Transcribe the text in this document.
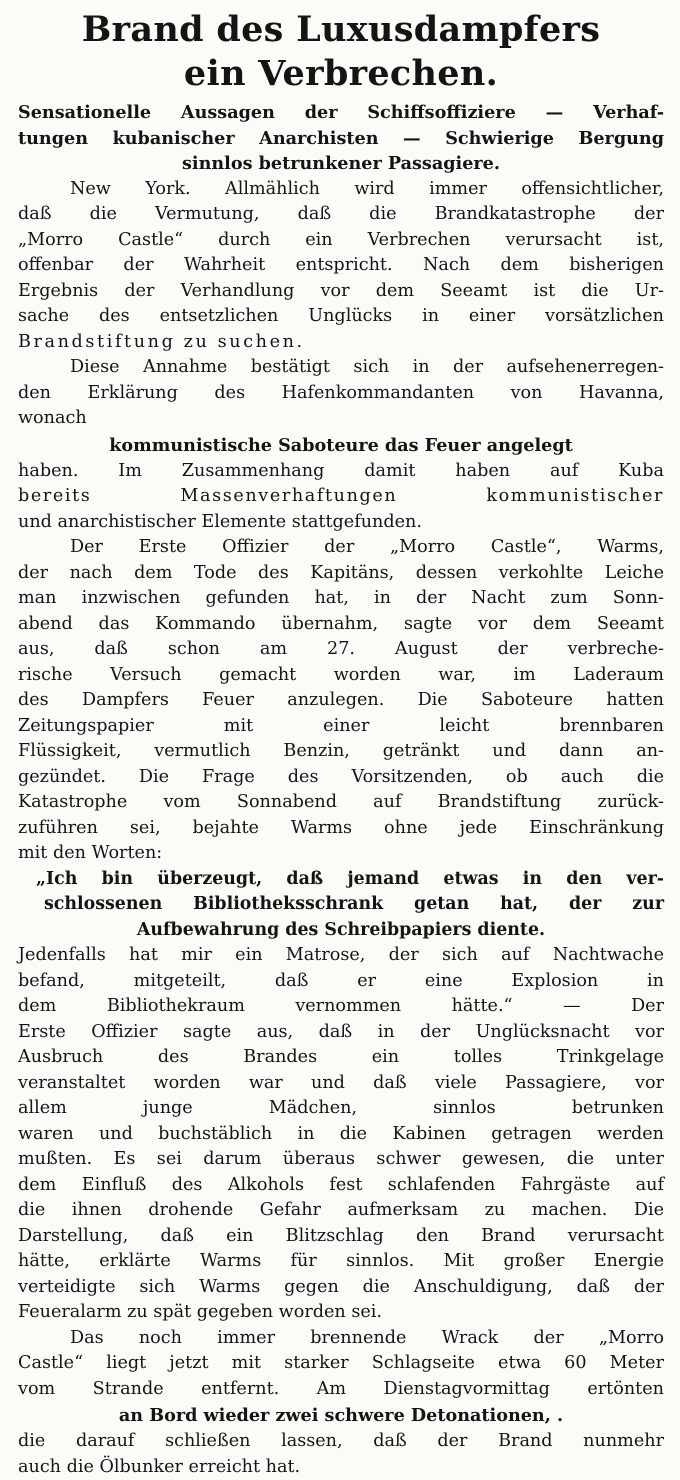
Brand des Luxusdampfers
ein Verbrechen.
Sensationelle Aussagen der Schiffsoffiziere — Verhaf-
tungen kubanischer Anarchisten — Schwierige Bergung
sinnlos betrunkener Passagiere.
New York. Allmählich wird immer offensichtlicher,
daß die Vermutung, daß die Brandkatastrophe der
„Morro Castle“ durch ein Verbrechen verursacht ist,
offenbar der Wahrheit entspricht. Nach dem bisherigen
Ergebnis der Verhandlung vor dem Seeamt ist die Ur-
sache des entsetzlichen Unglücks in einer vorsätzlichen
Brandstiftung zu suchen.
Diese Annahme bestätigt sich in der aufsehenerregen-
den Erklärung des Hafenkommandanten von Havanna,
wonach
kommunistische Saboteure das Feuer angelegt
haben. Im Zusammenhang damit haben auf Kuba
bereits Massenverhaftungen kommunistischer
und anarchistischer Elemente stattgefunden.
Der Erste Offizier der „Morro Castle“, Warms,
der nach dem Tode des Kapitäns, dessen verkohlte Leiche
man inzwischen gefunden hat, in der Nacht zum Sonn-
abend das Kommando übernahm, sagte vor dem Seeamt
aus, daß schon am 27. August der verbreche-
rische Versuch gemacht worden war, im Laderaum
des Dampfers Feuer anzulegen. Die Saboteure hatten
Zeitungspapier mit einer leicht brennbaren
Flüssigkeit, vermutlich Benzin, getränkt und dann an-
gezündet. Die Frage des Vorsitzenden, ob auch die
Katastrophe vom Sonnabend auf Brandstiftung zurück-
zuführen sei, bejahte Warms ohne jede Einschränkung
mit den Worten:
„Ich bin überzeugt, daß jemand etwas in den ver-
schlossenen Bibliotheksschrank getan hat, der zur
Aufbewahrung des Schreibpapiers diente.
Jedenfalls hat mir ein Matrose, der sich auf Nachtwache
befand, mitgeteilt, daß er eine Explosion in
dem Bibliothekraum vernommen hätte.“ — Der
Erste Offizier sagte aus, daß in der Unglücksnacht vor
Ausbruch des Brandes ein tolles Trinkgelage
veranstaltet worden war und daß viele Passagiere, vor
allem junge Mädchen, sinnlos betrunken
waren und buchstäblich in die Kabinen getragen werden
mußten. Es sei darum überaus schwer gewesen, die unter
dem Einfluß des Alkohols fest schlafenden Fahrgäste auf
die ihnen drohende Gefahr aufmerksam zu machen. Die
Darstellung, daß ein Blitzschlag den Brand verursacht
hätte, erklärte Warms für sinnlos. Mit großer Energie
verteidigte sich Warms gegen die Anschuldigung, daß der
Feueralarm zu spät gegeben worden sei.
Das noch immer brennende Wrack der „Morro
Castle“ liegt jetzt mit starker Schlagseite etwa 60 Meter
vom Strande entfernt. Am Dienstagvormittag ertönten
an Bord wieder zwei schwere Detonationen, .
die darauf schließen lassen, daß der Brand nunmehr
auch die Ölbunker erreicht hat.
